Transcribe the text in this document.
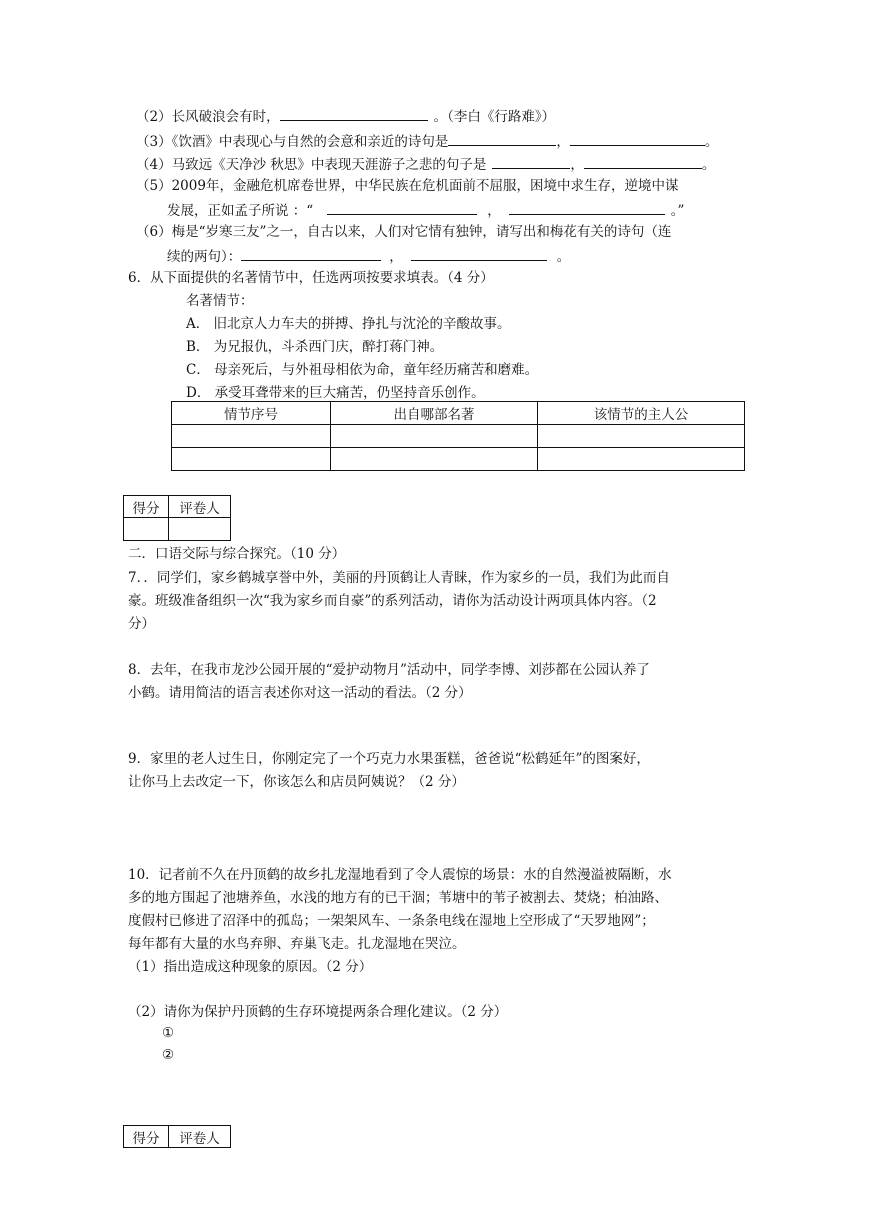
（2）长风破浪会有时，	。（李白《行路难》）
（3）《饮酒》中表现心与自然的会意和亲近的诗句是	，	。
（4）马致远《天净沙 秋思》中表现天涯游子之悲的句子是	，	。
（5）2009年，金融危机席卷世界，中华民族在危机面前不屈服，困境中求生存，逆境中谋
发展，正如孟子所说 ：“	，	。”
（6）梅是“岁寒三友”之一，自古以来，人们对它情有独钟，请写出和梅花有关的诗句（连
续的两句）：	，	。
6．从下面提供的名著情节中，任选两项按要求填表。（4 分）
名著情节：
A． 旧北京人力车夫的拼搏、挣扎与沈沦的辛酸故事。
B． 为兄报仇，斗杀西门庆，醉打蒋门神。
C． 母亲死后，与外祖母相依为命，童年经历痛苦和磨难。
D． 承受耳聋带来的巨大痛苦，仍坚持音乐创作。
情节序号	出自哪部名著	该情节的主人公

得分	评卷人

二．口语交际与综合探究。（10 分）
7．．同学们，家乡鹤城享誉中外，美丽的丹顶鹤让人青睐，作为家乡的一员，我们为此而自
豪。班级准备组织一次“我为家乡而自豪”的系列活动，请你为活动设计两项具体内容。（2
分）
8．去年，在我市龙沙公园开展的“爱护动物月”活动中，同学李博、刘莎都在公园认养了
小鹤。请用简洁的语言表述你对这一活动的看法。（2 分）
9．家里的老人过生日，你刚定完了一个巧克力水果蛋糕，爸爸说“松鹤延年”的图案好，
让你马上去改定一下，你该怎么和店员阿姨说？（2 分）
10．记者前不久在丹顶鹤的故乡扎龙湿地看到了令人震惊的场景：水的自然漫溢被隔断，水
多的地方围起了池塘养鱼，水浅的地方有的已干涸；苇塘中的苇子被割去、焚烧；柏油路、
度假村已修进了沼泽中的孤岛；一架架风车、一条条电线在湿地上空形成了“天罗地网”；
每年都有大量的水鸟弃卵、弃巢飞走。扎龙湿地在哭泣。
（1）指出造成这种现象的原因。（2 分）
（2）请你为保护丹顶鹤的生存环境提两条合理化建议。（2 分）
①
②
得分	评卷人
